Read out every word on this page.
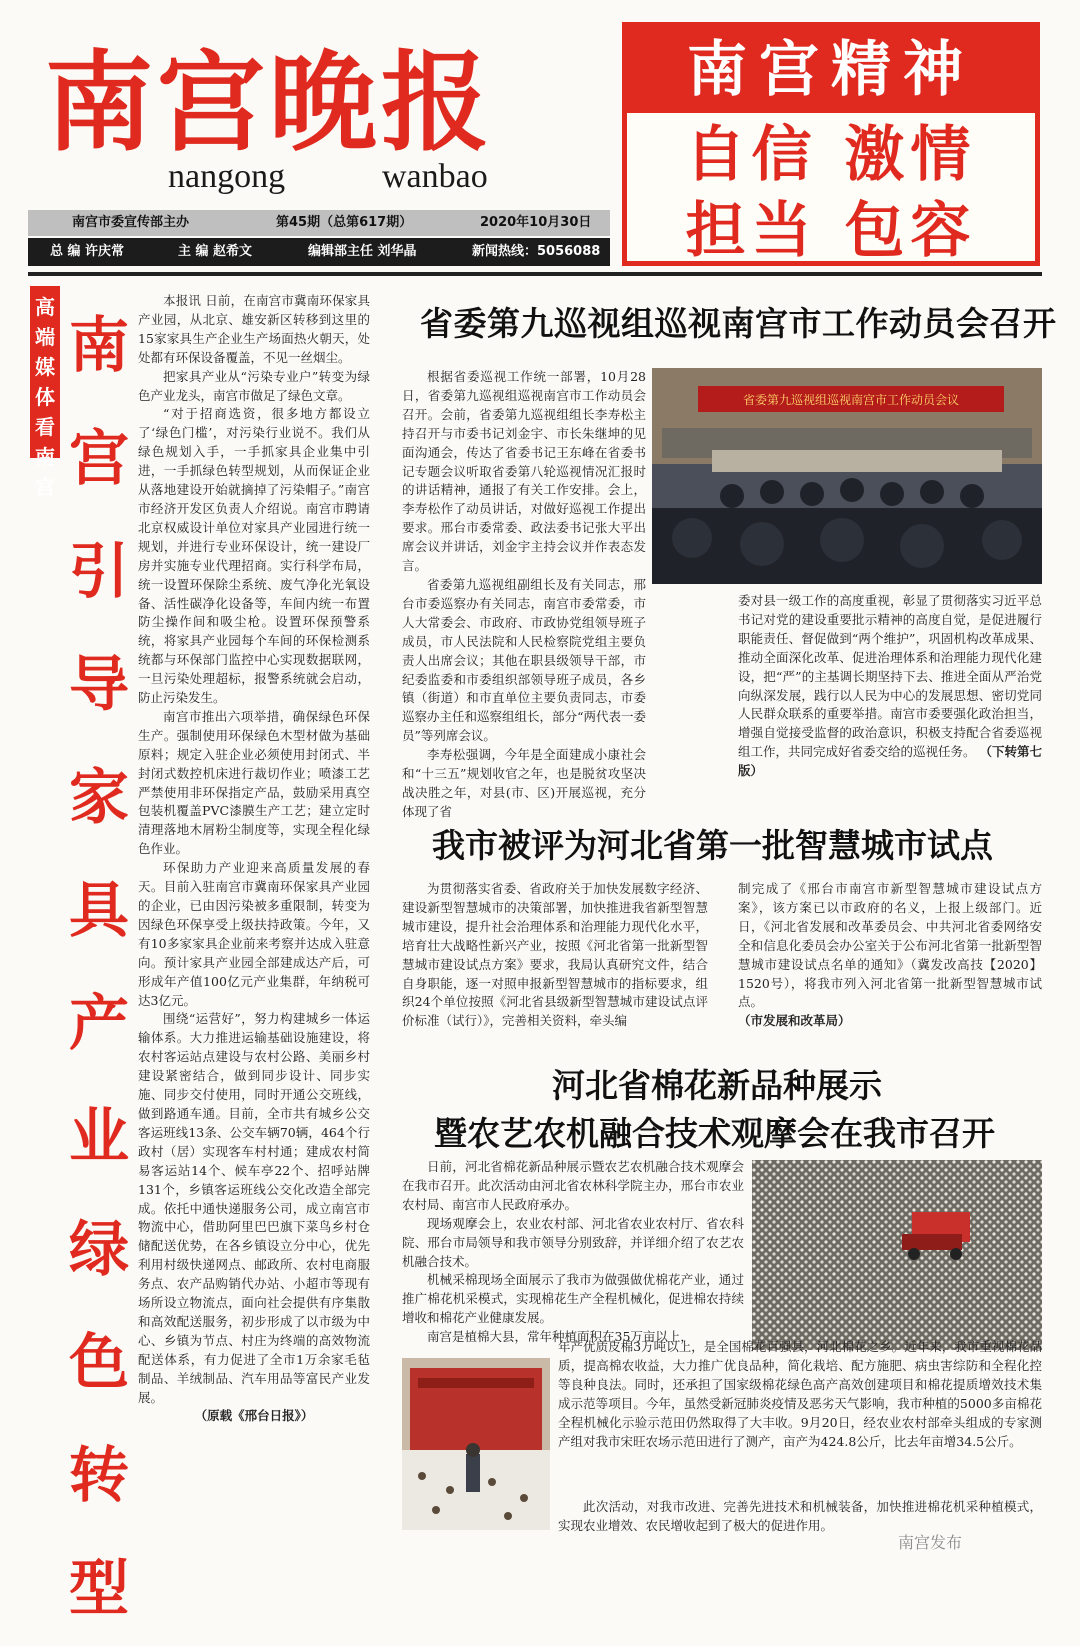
南宫晚报
nangong	wanbao
南宫精神
自信 激情
担当 包容
南宫市委宣传部主办	第45期（总第617期）	2020年10月30日
总 编 许庆常	主 编 赵希文	编辑部主任 刘华晶	新闻热线：5056088
高端媒体看南宫
南宫引导家具产业绿色转型

本报讯 日前，在南宫市冀南环保家具产业园，从北京、雄安新区转移到这里的15家家具生产企业生产场面热火朝天，处处都有环保设备覆盖，不见一丝烟尘。

把家具产业从“污染专业户”转变为绿色产业龙头，南宫市做足了绿色文章。

“对于招商选资，很多地方都设立了‘绿色门槛’，对污染行业说不。我们从绿色规划入手，一手抓家具企业集中引进，一手抓绿色转型规划，从而保证企业从落地建设开始就摘掉了污染帽子。”南宫市经济开发区负责人介绍说。南宫市聘请北京权威设计单位对家具产业园进行统一规划，并进行专业环保设计，统一建设厂房并实施专业代理招商。实行科学布局，统一设置环保除尘系统、废气净化光氧设备、活性碳净化设备等，车间内统一布置防尘操作间和吸尘枪。设置环保预警系统，将家具产业园每个车间的环保检测系统都与环保部门监控中心实现数据联网，一旦污染处理超标，报警系统就会启动，防止污染发生。

南宫市推出六项举措，确保绿色环保生产。强制使用环保绿色木型材做为基础原料；规定入驻企业必须使用封闭式、半封闭式数控机床进行裁切作业；喷漆工艺严禁使用非环保指定产品，鼓励采用真空包装机覆盖PVC漆膜生产工艺；建立定时清理落地木屑粉尘制度等，实现全程化绿色作业。

环保助力产业迎来高质量发展的春天。目前入驻南宫市冀南环保家具产业园的企业，已由因污染被多重限制，转变为因绿色环保享受上级扶持政策。今年，又有10多家家具企业前来考察并达成入驻意向。预计家具产业园全部建成达产后，可形成年产值100亿元产业集群，年纳税可达3亿元。

围绕“运营好”，努力构建城乡一体运输体系。大力推进运输基础设施建设，将农村客运站点建设与农村公路、美丽乡村建设紧密结合，做到同步设计、同步实施、同步交付使用，同时开通公交班线，做到路通车通。目前，全市共有城乡公交客运班线13条、公交车辆70辆，464个行政村（居）实现客车村村通；建成农村简易客运站14个、候车亭22个、招呼站牌131个，乡镇客运班线公交化改造全部完成。依托中通快递服务公司，成立南宫市物流中心，借助阿里巴巴旗下菜鸟乡村仓储配送优势，在各乡镇设立分中心，优先利用村级快递网点、邮政所、农村电商服务点、农产品购销代办站、小超市等现有场所设立物流点，面向社会提供有序集散和高效配送服务，初步形成了以市级为中心、乡镇为节点、村庄为终端的高效物流配送体系，有力促进了全市1万余家毛毡制品、羊绒制品、汽车用品等富民产业发展。

（原载《邢台日报》）

省委第九巡视组巡视南宫市工作动员会召开

根据省委巡视工作统一部署，10月28日，省委第九巡视组巡视南宫市工作动员会召开。会前，省委第九巡视组组长李寿松主持召开与市委书记刘金宇、市长朱继坤的见面沟通会，传达了省委书记王东峰在省委书记专题会议听取省委第八轮巡视情况汇报时的讲话精神，通报了有关工作安排。会上，李寿松作了动员讲话，对做好巡视工作提出要求。邢台市委常委、政法委书记张大平出席会议并讲话，刘金宇主持会议并作表态发言。

省委第九巡视组副组长及有关同志，邢台市委巡察办有关同志，南宫市委常委，市人大常委会、市政府、市政协党组领导班子成员，市人民法院和人民检察院党组主要负责人出席会议；其他在职县级领导干部，市纪委监委和市委组织部领导班子成员，各乡镇（街道）和市直单位主要负责同志，市委巡察办主任和巡察组组长，部分“两代表一委员”等列席会议。

李寿松强调，今年是全面建成小康社会和“十三五”规划收官之年，也是脱贫攻坚决战决胜之年，对县(市、区)开展巡视，充分体现了省

省委第九巡视组巡视南宫市工作动员会议

委对县一级工作的高度重视，彰显了贯彻落实习近平总书记对党的建设重要批示精神的高度自觉，是促进履行职能责任、督促做到“两个维护”，巩固机构改革成果、推动全面深化改革、促进治理体系和治理能力现代化建设，把“严”的主基调长期坚持下去、推进全面从严治党向纵深发展，践行以人民为中心的发展思想、密切党同人民群众联系的重要举措。南宫市委要强化政治担当，增强自觉接受监督的政治意识，积极支持配合省委巡视组工作，共同完成好省委交给的巡视任务。 （下转第七版）

我市被评为河北省第一批智慧城市试点

为贯彻落实省委、省政府关于加快发展数字经济、建设新型智慧城市的决策部署，加快推进我省新型智慧城市建设，提升社会治理体系和治理能力现代化水平，培育壮大战略性新兴产业，按照《河北省第一批新型智慧城市建设试点方案》要求，我局认真研究文件，结合自身职能，逐一对照申报新型智慧城市的指标要求，组织24个单位按照《河北省县级新型智慧城市建设试点评价标准（试行）》，完善相关资料，牵头编

制完成了《邢台市南宫市新型智慧城市建设试点方案》，该方案已以市政府的名义，上报上级部门。近日，《河北省发展和改革委员会、中共河北省委网络安全和信息化委员会办公室关于公布河北省第一批新型智慧城市建设试点名单的通知》（冀发改高技【2020】1520号），将我市列入河北省第一批新型智慧城市试点。

（市发展和改革局）

河北省棉花新品种展示
暨农艺农机融合技术观摩会在我市召开

日前，河北省棉花新品种展示暨农艺农机融合技术观摩会在我市召开。此次活动由河北省农林科学院主办，邢台市农业农村局、南宫市人民政府承办。

现场观摩会上，农业农村部、河北省农业农村厅、省农科院、邢台市局领导和我市领导分别致辞，并详细介绍了农艺农机融合技术。

机械采棉现场全面展示了我市为做强做优棉花产业，通过推广棉花机采模式，实现棉花生产全程机械化，促进棉农持续增收和棉花产业健康发展。

南宫是植棉大县，常年种植面积在35万亩以上，

年产优质皮棉3万吨以上，是全国棉花百强县，河北棉花之乡。近年来，我市重视棉花品质，提高棉农收益，大力推广优良品种，简化栽培、配方施肥、病虫害综防和全程化控等良种良法。同时，还承担了国家级棉花绿色高产高效创建项目和棉花提质增效技术集成示范等项目。今年，虽然受新冠肺炎疫情及恶劣天气影响，我市种植的5000多亩棉花全程机械化示验示范田仍然取得了大丰收。9月20日，经农业农村部牵头组成的专家测产组对我市宋旺农场示范田进行了测产，亩产为424.8公斤，比去年亩增34.5公斤。

此次活动，对我市改进、完善先进技术和机械装备，加快推进棉花机采种植模式，实现农业增效、农民增收起到了极大的促进作用。

南宫发布
